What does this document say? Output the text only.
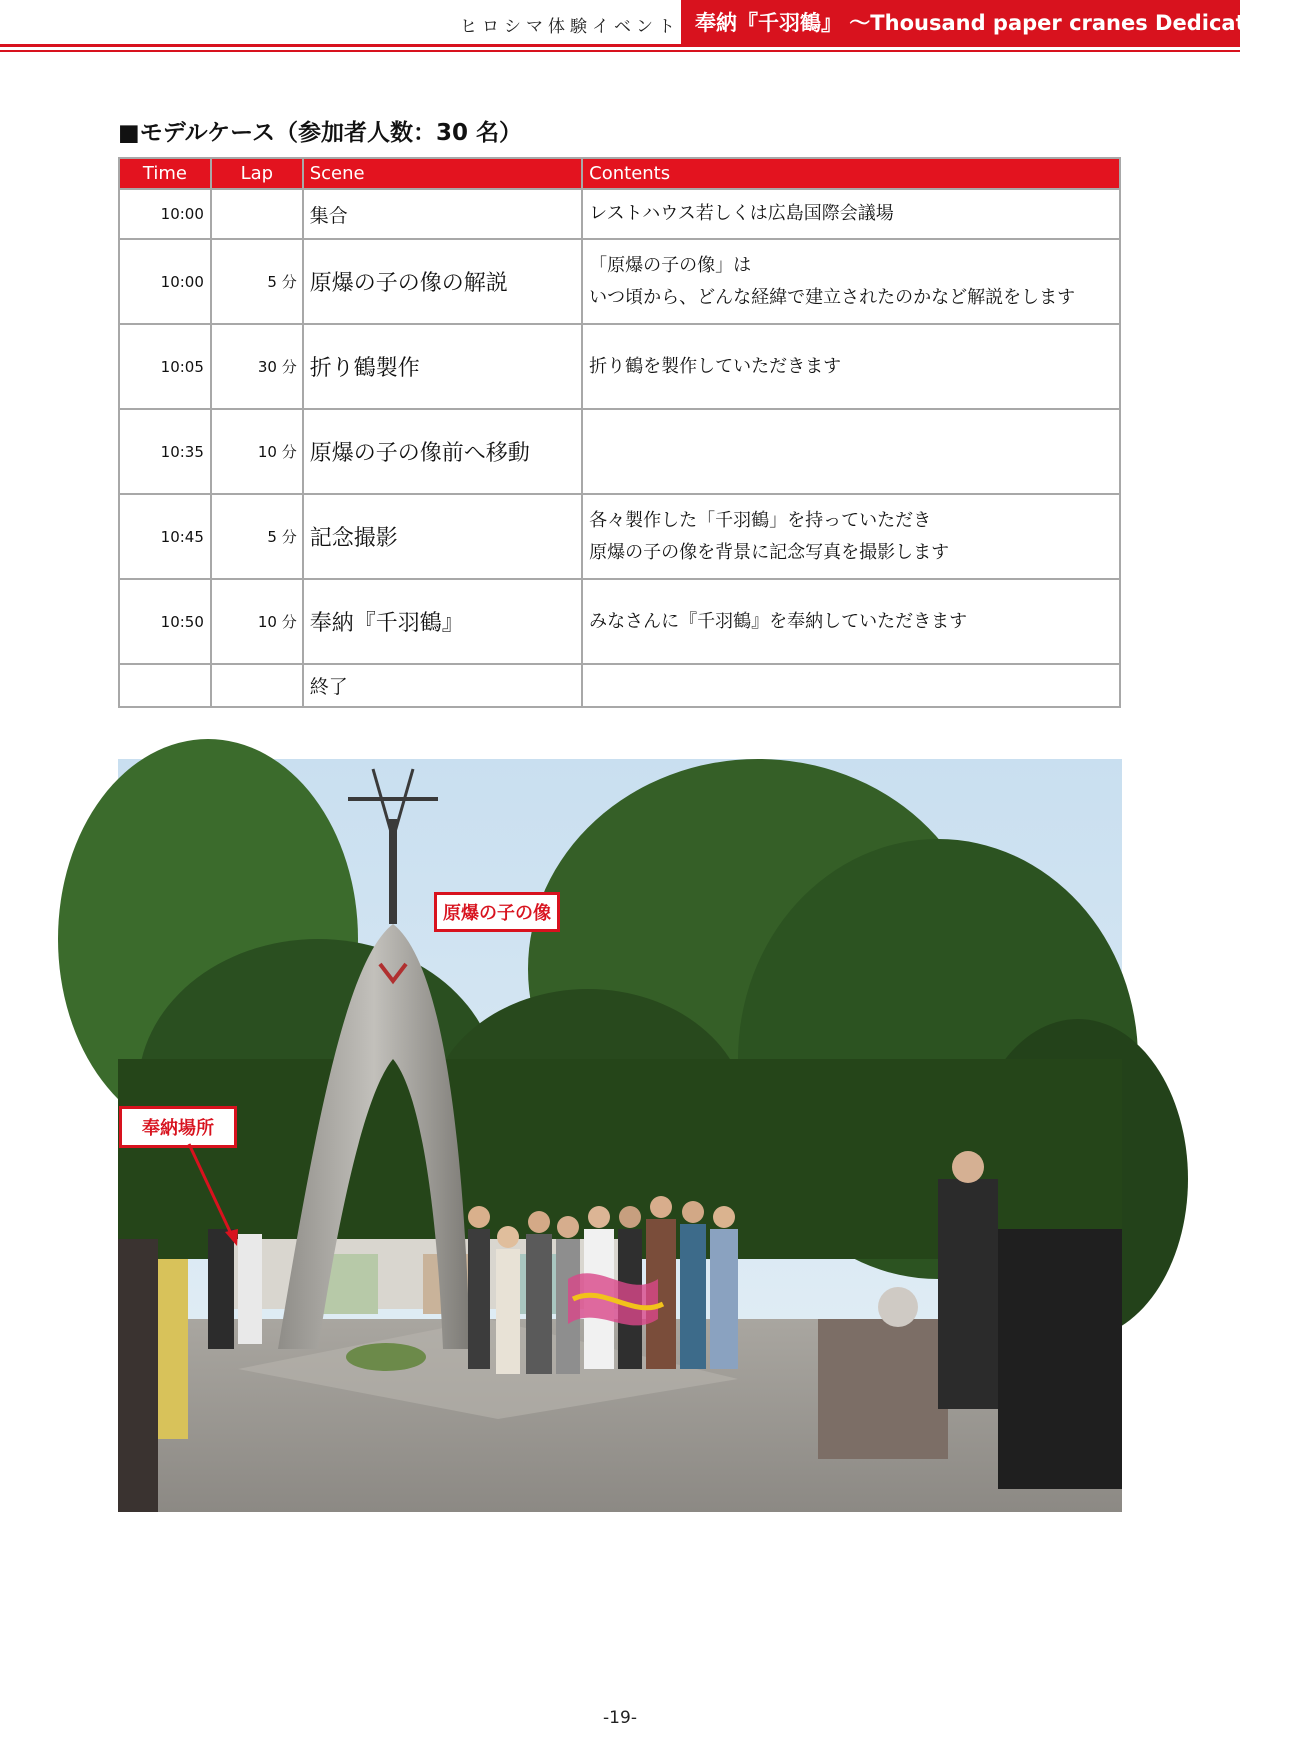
ヒロシマ体験イベント 奉納『千羽鶴』 〜Thousand paper cranes Dedication〜
■モデルケース（参加者人数：30 名）
Time	Lap	Scene	Contents
10:00		集合	レストハウス若しくは広島国際会議場

10:00	5 分	原爆の子の像の解説	「原爆の子の像」は
いつ頃から、どんな経緯で建立されたのかなど解説をします

10:05	30 分	折り鶴製作	折り鶴を製作していただきます

10:35	10 分	原爆の子の像前へ移動	
10:45	5 分	記念撮影	各々製作した「千羽鶴」を持っていただき
原爆の子の像を背景に記念写真を撮影します

10:50	10 分	奉納『千羽鶴』	みなさんに『千羽鶴』を奉納していただきます

		終了	
原爆の子の像
奉納場所
-19-
